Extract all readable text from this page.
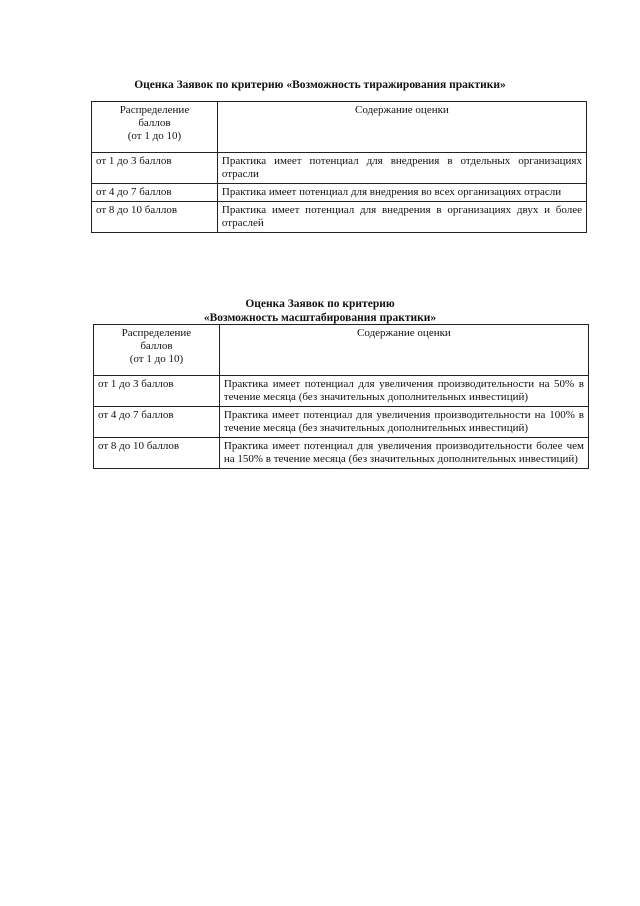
Оценка Заявок по критерию «Возможность тиражирования практики»
Распределение
баллов
(от 1 до 10)	Содержание оценки
от 1 до 3 баллов	Практика имеет потенциал для внедрения в отдельных организациях отрасли
от 4 до 7 баллов	Практика имеет потенциал для внедрения во всех организациях отрасли
от 8 до 10 баллов	Практика имеет потенциал для внедрения в организациях двух и более отраслей
Оценка Заявок по критерию
«Возможность масштабирования практики»
Распределение
баллов
(от 1 до 10)	Содержание оценки
от 1 до 3 баллов	Практика имеет потенциал для увеличения производительности на 50% в течение месяца (без значительных дополнительных инвестиций)
от 4 до 7 баллов	Практика имеет потенциал для увеличения производительности на 100% в течение месяца (без значительных дополнительных инвестиций)
от 8 до 10 баллов	Практика имеет потенциал для увеличения производительности более чем на 150% в течение месяца (без значительных дополнительных инвестиций)
